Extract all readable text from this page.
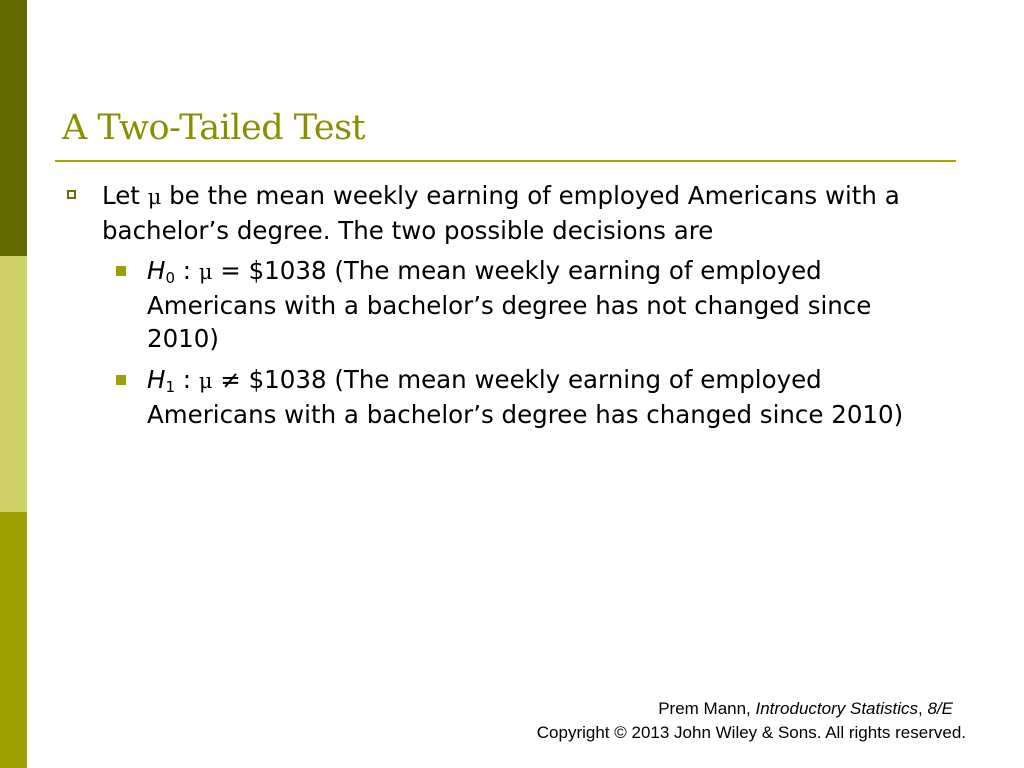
A Two-Tailed Test
Let μ be the mean weekly earning of employed Americans with a bachelor’s degree. The two possible decisions are
$H_0$ : μ = $1038 (The mean weekly earning of employed Americans with a bachelor’s degree has not changed since 2010)
$H_1$ : μ ≠ $1038 (The mean weekly earning of employed Americans with a bachelor’s degree has changed since 2010)
Prem Mann, Introductory Statistics, 8/E
Copyright © 2013 John Wiley & Sons. All rights reserved.
